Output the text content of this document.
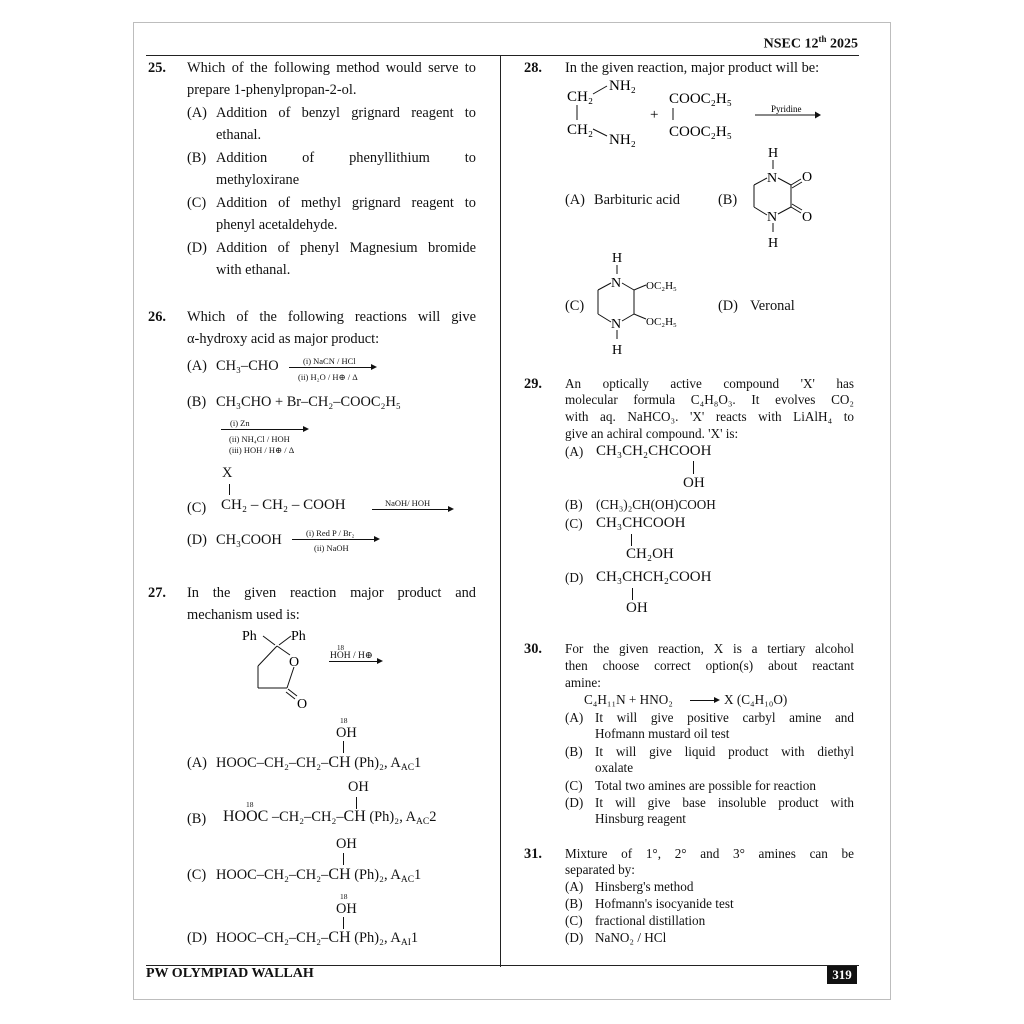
NSEC 12th 2025
25. Which of the following method would serve to
prepare 1-phenylpropan-2-ol.
(A) Addition of benzyl grignard reagent to
ethanal.
(B) Addition of phenyllithium to
methyloxirane
(C) Addition of methyl grignard reagent to
phenyl acetaldehyde.
(D) Addition of phenyl Magnesium bromide
with ethanal.
26. Which of the following reactions will give
α-hydroxy acid as major product:
(A) CH₃–CHO	(i) NaCN / HCl
(ii) H₂O / H⊕ / Δ
(B) CH₃CHO + Br–CH₂–COOC₂H₅
(i) Zn
(ii) NH₄Cl / HOH
(iii) HOH / H⊕ / Δ
X
(C) CH₂ – CH₂ – COOH	NaOH/ HOH
(D) CH₃COOH	(i) Red P / Br₂
(ii) NaOH
27. In the given reaction major product and
mechanism used is:
Ph Ph
O
O
18
HOH / H⊕
18
OH
(A) HOOC–CH₂–CH₂–CH (Ph)₂, $A_{AC}1$
OH
18
(B) HOOC –CH₂–CH₂–CH (Ph)₂, $A_{AC}2$
OH
(C) HOOC–CH₂–CH₂–CH (Ph)₂, $A_{AC}1$
18
OH
(D) HOOC–CH₂–CH₂–CH (Ph)₂, $A_{AI}1$
28. In the given reaction, major product will be:
CH₂
NH₂
CH₂
NH₂
+
COOC₂H₅
COOC₂H₅
Pyridine
(A) Barbituric acid	(B)
H
N
N
H
O
O
(C)
H
N
N
H
OC₂H₅
OC₂H₅
(D) Veronal
29. An optically active compound 'X' has
molecular formula C₄H₈O₃. It evolves CO₂
with aq. NaHCO₃. 'X' reacts with LiAlH₄ to
give an achiral compound. 'X' is:
(A) CH₃CH₂CHCOOH
OH
(B) (CH₃)₂CH(OH)COOH
(C) CH₃CHCOOH
CH₂OH
(D) CH₃CHCH₂COOH
OH
30. For the given reaction, X is a tertiary alcohol
then choose correct option(s) about reactant
amine:
C₄H₁₁N + HNO₂ → X (C₄H₁₀O)
(A) It will give positive carbyl amine and
Hofmann mustard oil test
(B) It will give liquid product with diethyl
oxalate
(C) Total two amines are possible for reaction
(D) It will give base insoluble product with
Hinsburg reagent
31. Mixture of 1°, 2° and 3° amines can be
separated by:
(A) Hinsberg's method
(B) Hofmann's isocyanide test
(C) fractional distillation
(D) NaNO₂ / HCl
PW OLYMPIAD WALLAH	319
